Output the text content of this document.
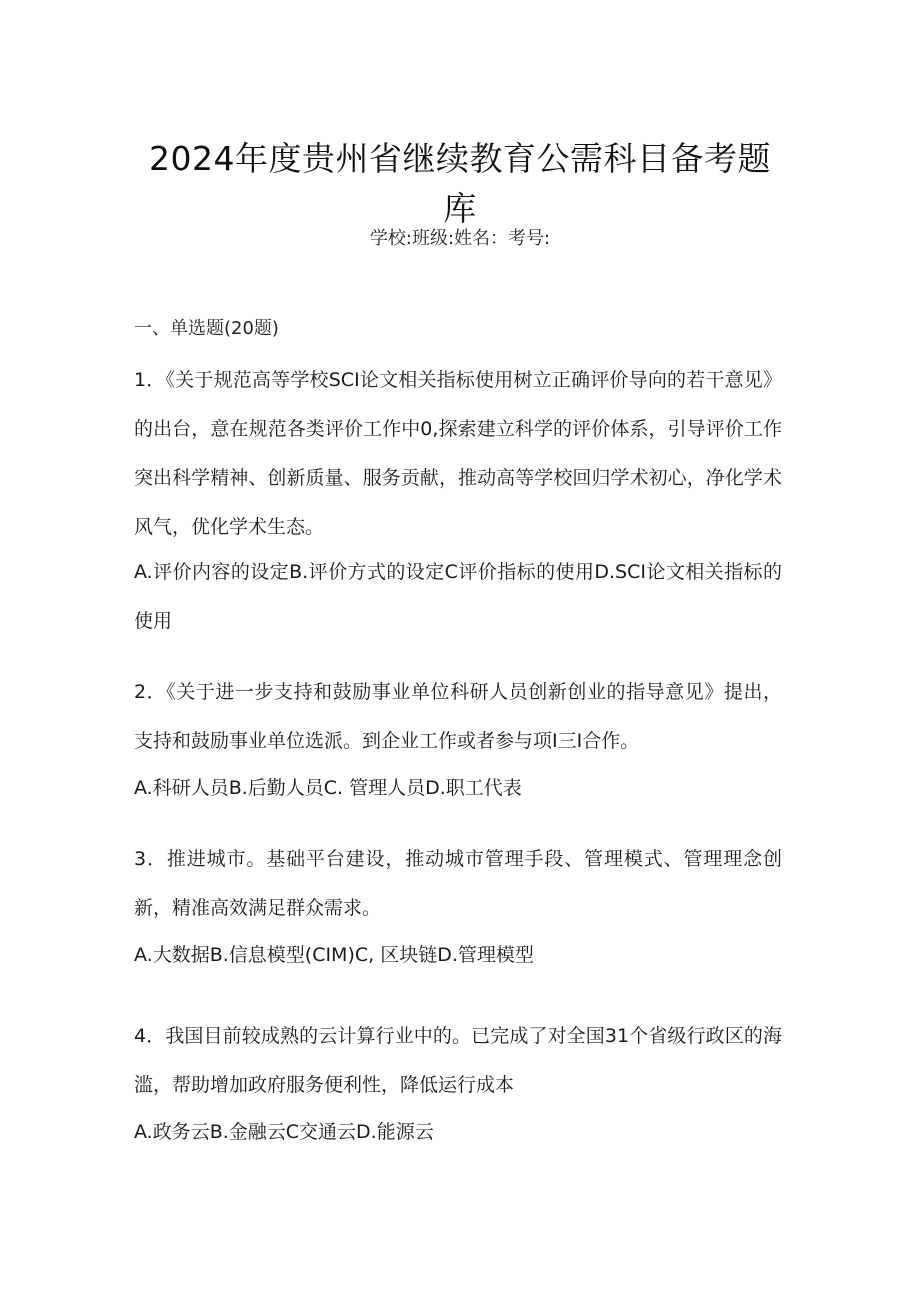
2024年度贵州省继续教育公需科目备考题库
学校:班级:姓名：考号:
一、单选题(20题)

1．《关于规范高等学校SCI论文相关指标使用树立正确评价导向的若干意见》的出台，意在规范各类评价工作中0,探索建立科学的评价体系，引导评价工作突出科学精神、创新质量、服务贡献，推动高等学校回归学术初心，净化学术风气，优化学术生态。

A.评价内容的设定B.评价方式的设定C评价指标的使用D.SCI论文相关指标的使用

2．《关于进一步支持和鼓励事业单位科研人员创新创业的指导意见》提出，支持和鼓励事业单位选派。到企业工作或者参与项I三I合作。

A.科研人员B.后勤人员C. 管理人员D.职工代表

3．推进城市。基础平台建设，推动城市管理手段、管理模式、管理理念创新，精准高效满足群众需求。

A.大数据B.信息模型(CIM)C, 区块链D.管理模型

4．我国目前较成熟的云计算行业中的。已完成了对全国31个省级行政区的海滥，帮助增加政府服务便利性，降低运行成本

A.政务云B.金融云C交通云D.能源云
